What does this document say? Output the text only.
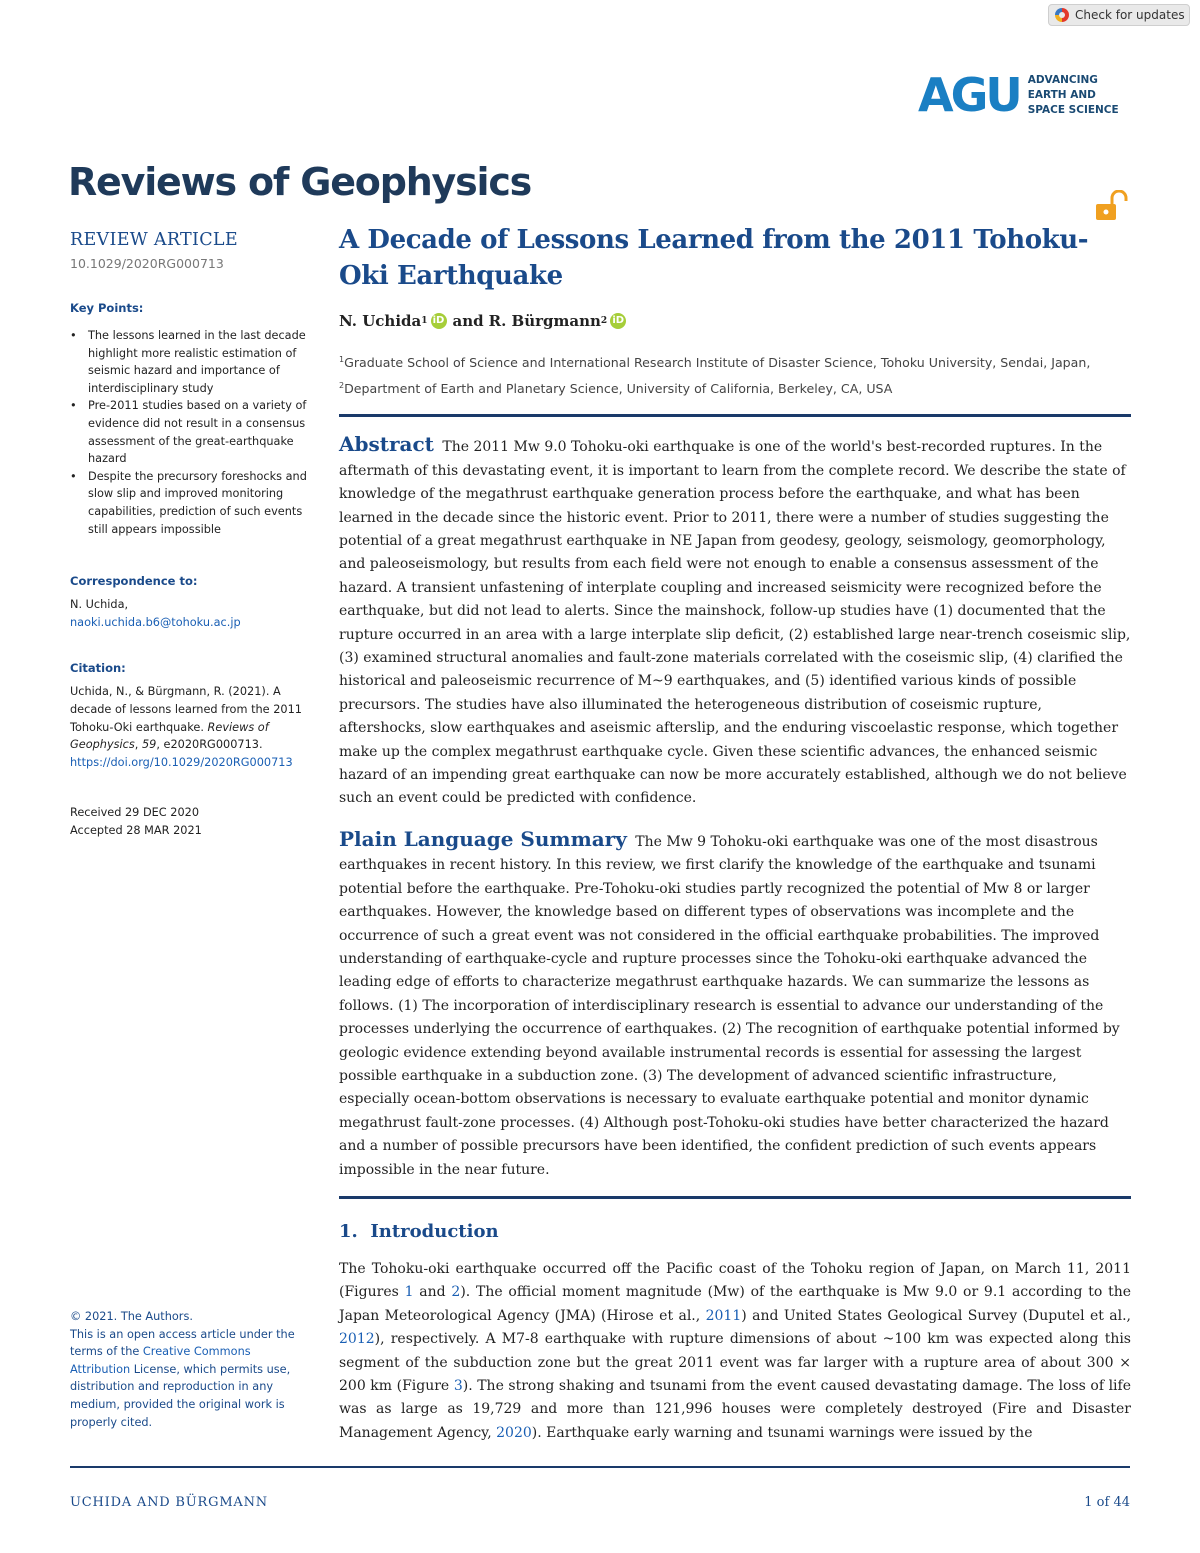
Check for updates
AGU ADVANCING
EARTH AND
SPACE SCIENCE
Reviews of Geophysics
REVIEW ARTICLE
10.1029/2020RG000713
Key Points:
• The lessons learned in the last decade highlight more realistic estimation of seismic hazard and importance of interdisciplinary study
• Pre-2011 studies based on a variety of evidence did not result in a consensus assessment of the great-earthquake hazard
• Despite the precursory foreshocks and slow slip and improved monitoring capabilities, prediction of such events still appears impossible
Correspondence to:
N. Uchida,
naoki.uchida.b6@tohoku.ac.jp
Citation:
Uchida, N., & Bürgmann, R. (2021). A decade of lessons learned from the 2011 Tohoku-Oki earthquake. Reviews of Geophysics, 59, e2020RG000713. https://doi.org/10.1029/2020RG000713
Received 29 DEC 2020
Accepted 28 MAR 2021
© 2021. The Authors.
This is an open access article under the terms of the Creative Commons Attribution License, which permits use, distribution and reproduction in any medium, provided the original work is properly cited.
A Decade of Lessons Learned from the 2011 Tohoku-Oki Earthquake
N. Uchida 1 iD and R. Bürgmann 2 iD
$^1$Graduate School of Science and International Research Institute of Disaster Science, Tohoku University, Sendai, Japan,
$^2$Department of Earth and Planetary Science, University of California, Berkeley, CA, USA

Abstract The 2011 Mw 9.0 Tohoku-oki earthquake is one of the world's best-recorded ruptures. In the aftermath of this devastating event, it is important to learn from the complete record. We describe the state of knowledge of the megathrust earthquake generation process before the earthquake, and what has been learned in the decade since the historic event. Prior to 2011, there were a number of studies suggesting the potential of a great megathrust earthquake in NE Japan from geodesy, geology, seismology, geomorphology, and paleoseismology, but results from each field were not enough to enable a consensus assessment of the hazard. A transient unfastening of interplate coupling and increased seismicity were recognized before the earthquake, but did not lead to alerts. Since the mainshock, follow-up studies have (1) documented that the rupture occurred in an area with a large interplate slip deficit, (2) established large near-trench coseismic slip, (3) examined structural anomalies and fault-zone materials correlated with the coseismic slip, (4) clarified the historical and paleoseismic recurrence of M~9 earthquakes, and (5) identified various kinds of possible precursors. The studies have also illuminated the heterogeneous distribution of coseismic rupture, aftershocks, slow earthquakes and aseismic afterslip, and the enduring viscoelastic response, which together make up the complex megathrust earthquake cycle. Given these scientific advances, the enhanced seismic hazard of an impending great earthquake can now be more accurately established, although we do not believe such an event could be predicted with confidence.

Plain Language Summary The Mw 9 Tohoku-oki earthquake was one of the most disastrous earthquakes in recent history. In this review, we first clarify the knowledge of the earthquake and tsunami potential before the earthquake. Pre-Tohoku-oki studies partly recognized the potential of Mw 8 or larger earthquakes. However, the knowledge based on different types of observations was incomplete and the occurrence of such a great event was not considered in the official earthquake probabilities. The improved understanding of earthquake-cycle and rupture processes since the Tohoku-oki earthquake advanced the leading edge of efforts to characterize megathrust earthquake hazards. We can summarize the lessons as follows. (1) The incorporation of interdisciplinary research is essential to advance our understanding of the processes underlying the occurrence of earthquakes. (2) The recognition of earthquake potential informed by geologic evidence extending beyond available instrumental records is essential for assessing the largest possible earthquake in a subduction zone. (3) The development of advanced scientific infrastructure, especially ocean-bottom observations is necessary to evaluate earthquake potential and monitor dynamic megathrust fault-zone processes. (4) Although post-Tohoku-oki studies have better characterized the hazard and a number of possible precursors have been identified, the confident prediction of such events appears impossible in the near future.

1. Introduction

The Tohoku-oki earthquake occurred off the Pacific coast of the Tohoku region of Japan, on March 11, 2011 (Figures 1 and 2). The official moment magnitude (Mw) of the earthquake is Mw 9.0 or 9.1 according to the Japan Meteorological Agency (JMA) (Hirose et al., 2011) and United States Geological Survey (Duputel et al., 2012), respectively. A M7-8 earthquake with rupture dimensions of about ~100 km was expected along this segment of the subduction zone but the great 2011 event was far larger with a rupture area of about 300 × 200 km (Figure 3). The strong shaking and tsunami from the event caused devastating damage. The loss of life was as large as 19,729 and more than 121,996 houses were completely destroyed (Fire and Disaster Management Agency, 2020). Earthquake early warning and tsunami warnings were issued by the

UCHIDA AND BÜRGMANN	1 of 44
